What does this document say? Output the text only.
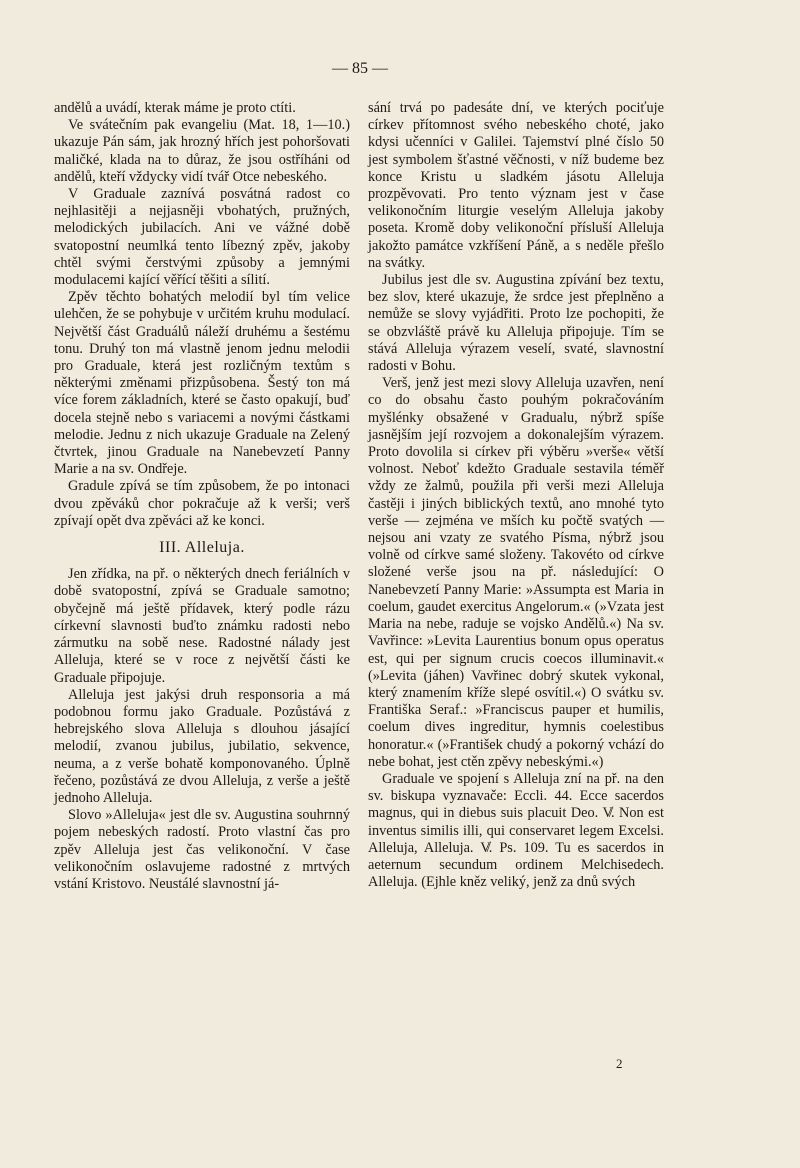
— 85 —

andělů a uvádí, kterak máme je proto ctíti.

Ve svátečním pak evangeliu (Mat. 18, 1—10.) ukazuje Pán sám, jak hrozný hřích jest pohoršovati maličké, klada na to důraz, že jsou ostříháni od andělů, kteří vždycky vidí tvář Otce nebeského.

V Graduale zaznívá posvátná radost co nejhlasitěji a nejjasněji vbohatých, pružných, melodických jubilacích. Ani ve vážné době svatopostní neumlká tento líbezný zpěv, jakoby chtěl svými čerstvými způsoby a jemnými modulacemi kající věřící těšiti a sílití.

Zpěv těchto bohatých melodií byl tím velice ulehčen, že se pohybuje v určitém kruhu modulací. Největší část Graduálů náleží druhému a šestému tonu. Druhý ton má vlastně jenom jednu melodii pro Graduale, která jest rozličným textům s některými změnami přizpůsobena. Šestý ton má více forem základních, které se často opakují, buď docela stejně nebo s variacemi a novými částkami melodie. Jednu z nich ukazuje Graduale na Zelený čtvrtek, jinou Graduale na Nanebevzetí Panny Marie a na sv. Ondřeje.

Gradule zpívá se tím způsobem, že po intonaci dvou zpěváků chor pokračuje až k verši; verš zpívají opět dva zpěváci až ke konci.

III. Alleluja.

Jen zřídka, na př. o některých dnech feriálních v době svatopostní, zpívá se Graduale samotno; obyčejně má ještě přídavek, který podle rázu církevní slavnosti buďto známku radosti nebo zármutku na sobě nese. Radostné nálady jest Alleluja, které se v roce z největší části ke Graduale připojuje.

Alleluja jest jakýsi druh responsoria a má podobnou formu jako Graduale. Pozůstává z hebrejského slova Alleluja s dlouhou jásající melodií, zvanou jubilus, jubilatio, sekvence, neuma, a z verše bohatě komponovaného. Úplně řečeno, pozůstává ze dvou Alleluja, z verše a ještě jednoho Alleluja.

Slovo »Alleluja« jest dle sv. Augustina souhrnný pojem nebeských radostí. Proto vlastní čas pro zpěv Alleluja jest čas velikonoční. V čase velikonočním oslavujeme radostné z mrtvých vstání Kristovo. Neustálé slavnostní já-

sání trvá po padesáte dní, ve kterých pociťuje církev přítomnost svého nebeského choté, jako kdysi učenníci v Galilei. Tajemství plné číslo 50 jest symbolem šťastné věčnosti, v níž budeme bez konce Kristu u sladkém jásotu Alleluja prozpěvovati. Pro tento význam jest v čase velikonočním liturgie veselým Alleluja jakoby poseta. Kromě doby velikonoční přísluší Alleluja jakožto památce vzkříšení Páně, a s neděle přešlo na svátky.

Jubilus jest dle sv. Augustina zpívání bez textu, bez slov, které ukazuje, že srdce jest přeplněno a nemůže se slovy vyjádřiti. Proto lze pochopiti, že se obzvláště právě ku Alleluja připojuje. Tím se stává Alleluja výrazem veselí, svaté, slavnostní radosti v Bohu.

Verš, jenž jest mezi slovy Alleluja uzavřen, není co do obsahu často pouhým pokračováním myšlénky obsažené v Gradualu, nýbrž spíše jasnějším její rozvojem a dokonalejším výrazem. Proto dovolila si církev při výběru »verše« větší volnost. Neboť kdežto Graduale sestavila téměř vždy ze žalmů, použila při verši mezi Alleluja častěji i jiných biblických textů, ano mnohé tyto verše — zejména ve mších ku počtě svatých — nejsou ani vzaty ze svatého Písma, nýbrž jsou volně od církve samé složeny. Takovéto od církve složené verše jsou na př. následující: O Nanebevzetí Panny Marie: »Assumpta est Maria in coelum, gaudet exercitus Angelorum.« (»Vzata jest Maria na nebe, raduje se vojsko Andělů.«) Na sv. Vavřince: »Levita Laurentius bonum opus operatus est, qui per signum crucis coecos illuminavit.« (»Levita (jáhen) Vavřinec dobrý skutek vykonal, který znamením kříže slepé osvítil.«) O svátku sv. Františka Seraf.: »Franciscus pauper et humilis, coelum dives ingreditur, hymnis coelestibus honoratur.« (»František chudý a pokorný vchází do nebe bohat, jest ctěn zpěvy nebeskými.«)

Graduale ve spojení s Alleluja zní na př. na den sv. biskupa vyznavače: Eccli. 44. Ecce sacerdos magnus, qui in diebus suis placuit Deo. V̸. Non est inventus similis illi, qui conservaret legem Excelsi. Alleluja, Alleluja. V̸. Ps. 109. Tu es sacerdos in aeternum secundum ordinem Melchisedech. Alleluja. (Ejhle kněz veliký, jenž za dnů svých

2
